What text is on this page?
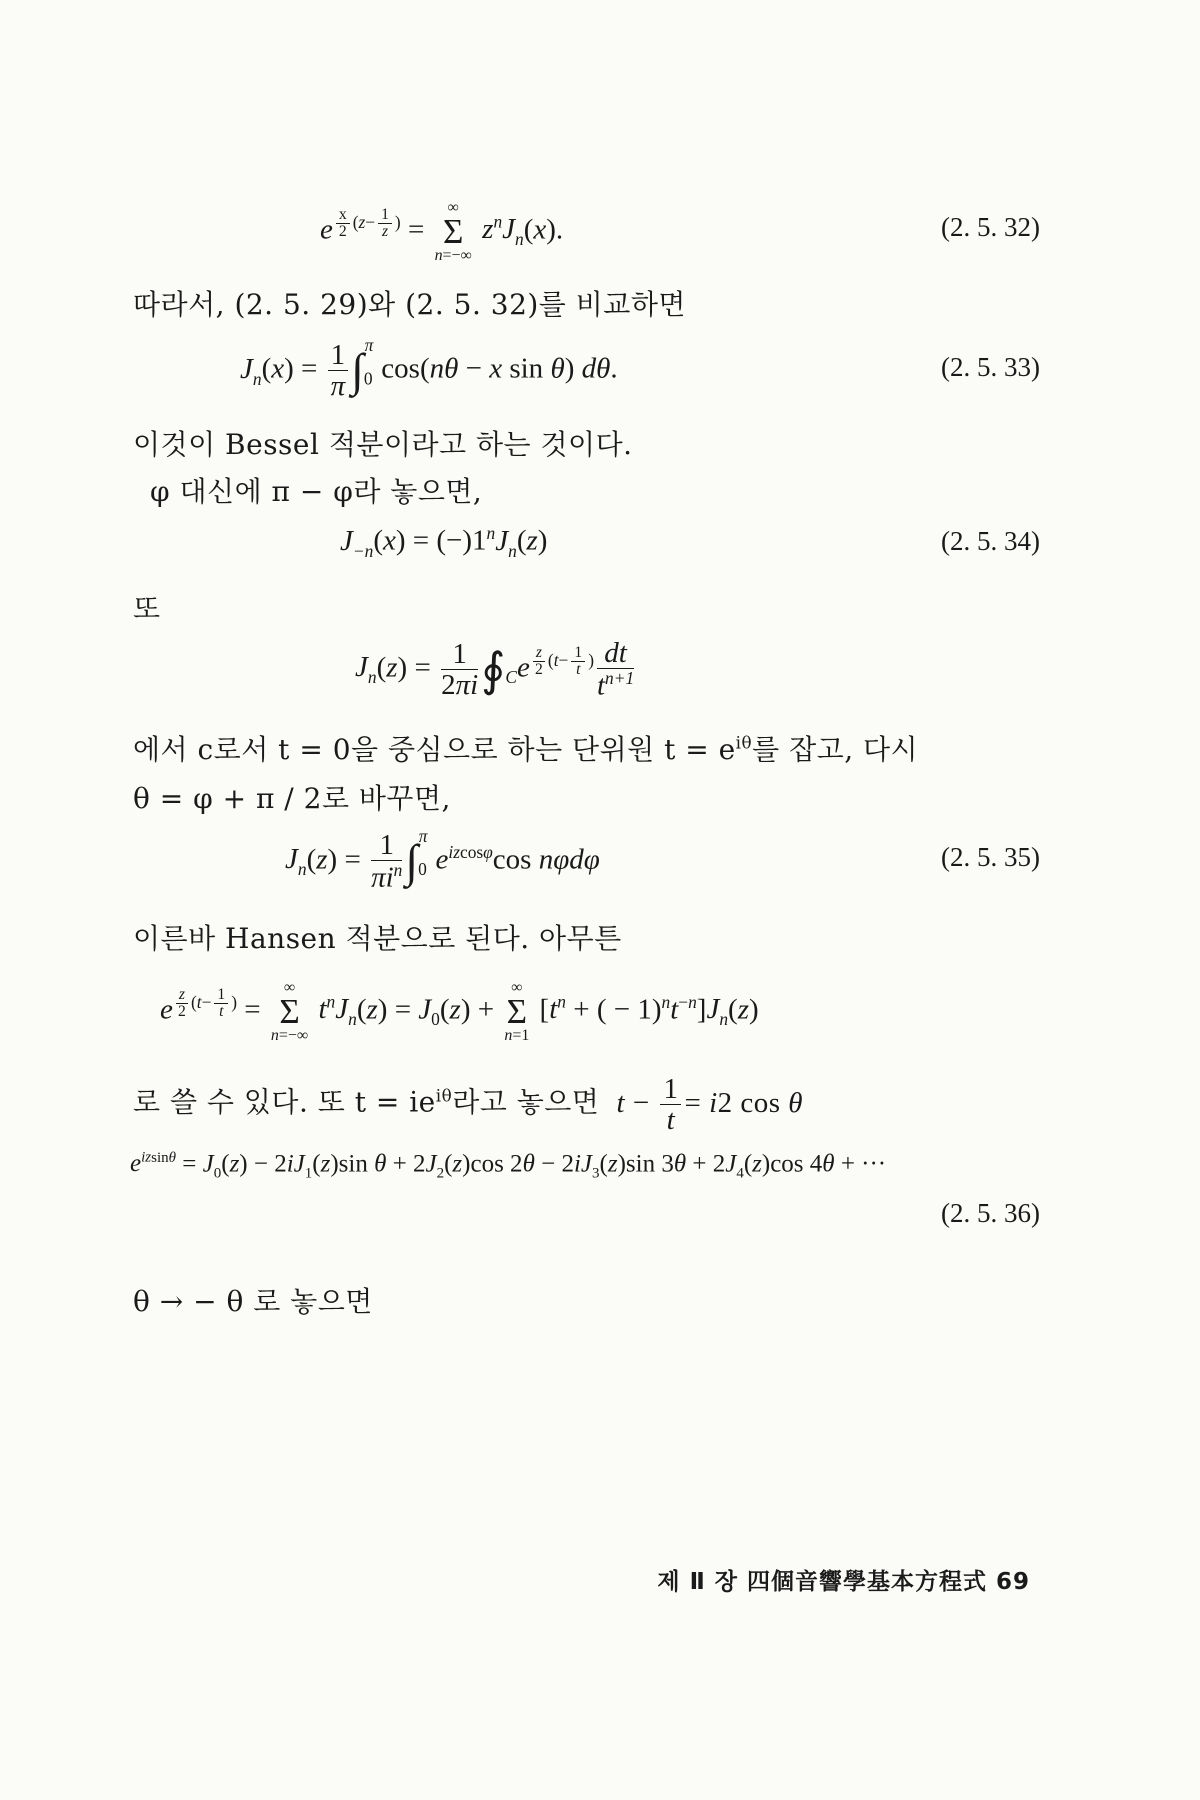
e $^{\frac{x}{2} (z- \frac{1}{z} )}$ = ∞
Σ
n=−∞ $z^nJ_n(x)$.	(2. 5. 32)
따라서, (2. 5. 29)와 (2. 5. 32)를 비교하면
$J_n(x) = \frac{1}{\pi} \int_0^\pi\cos(n\theta - x$ sin θ) dθ.	(2. 5. 33)
이것이 Bessel 적분이라고 하는 것이다.
φ 대신에 π − φ라 놓으면,
$J_{-n}(x) = (-)1^nJ_n(z)$	(2. 5. 34)
또
$J_n(z) = \frac{1}{2\pi i}$ $∮_Ce$ $^{\frac{z}{2} (t- \frac{1}{t} )} \frac{dt}{t^{n+1}}$
에서 c로서 t = 0을 중심으로 하는 단위원 $t = e^{i\theta}$를 잡고, 다시
θ = φ + π / 2로 바꾸면,
$J_n(z) = \frac{1}{\pi i^n} \int_0^\pi e^{izcos\varphi}\cos$ nφdφ	(2. 5. 35)
이른바 Hansen 적분으로 된다. 아무튼
e $^{\frac{z}{2} (t- \frac{1}{t} )}$ = ∞
Σ
n=−∞ $t^nJ_n(z) = J_0(z)$ + ∞
Σ
n=1 [$t^n$ + ( − $1)^nt^{-n}]J_n(z)$
로 쓸 수 있다. 또 $t = ie^{i\theta}$라고 놓으면 $t - \frac{1}{t} = i2$ cos θ
$e^{izsin\theta} = J_0(z) - 2iJ_1(z)\sin$ $\theta + 2J_2(z)\cos$ $2\theta - 2iJ_3(z)\sin$ $3\theta + 2J_4(z)\cos$ 4θ + ···
(2. 5. 36)
θ → − θ 로 놓으면
제 Ⅱ 장 四個音響學基本方程式 69
